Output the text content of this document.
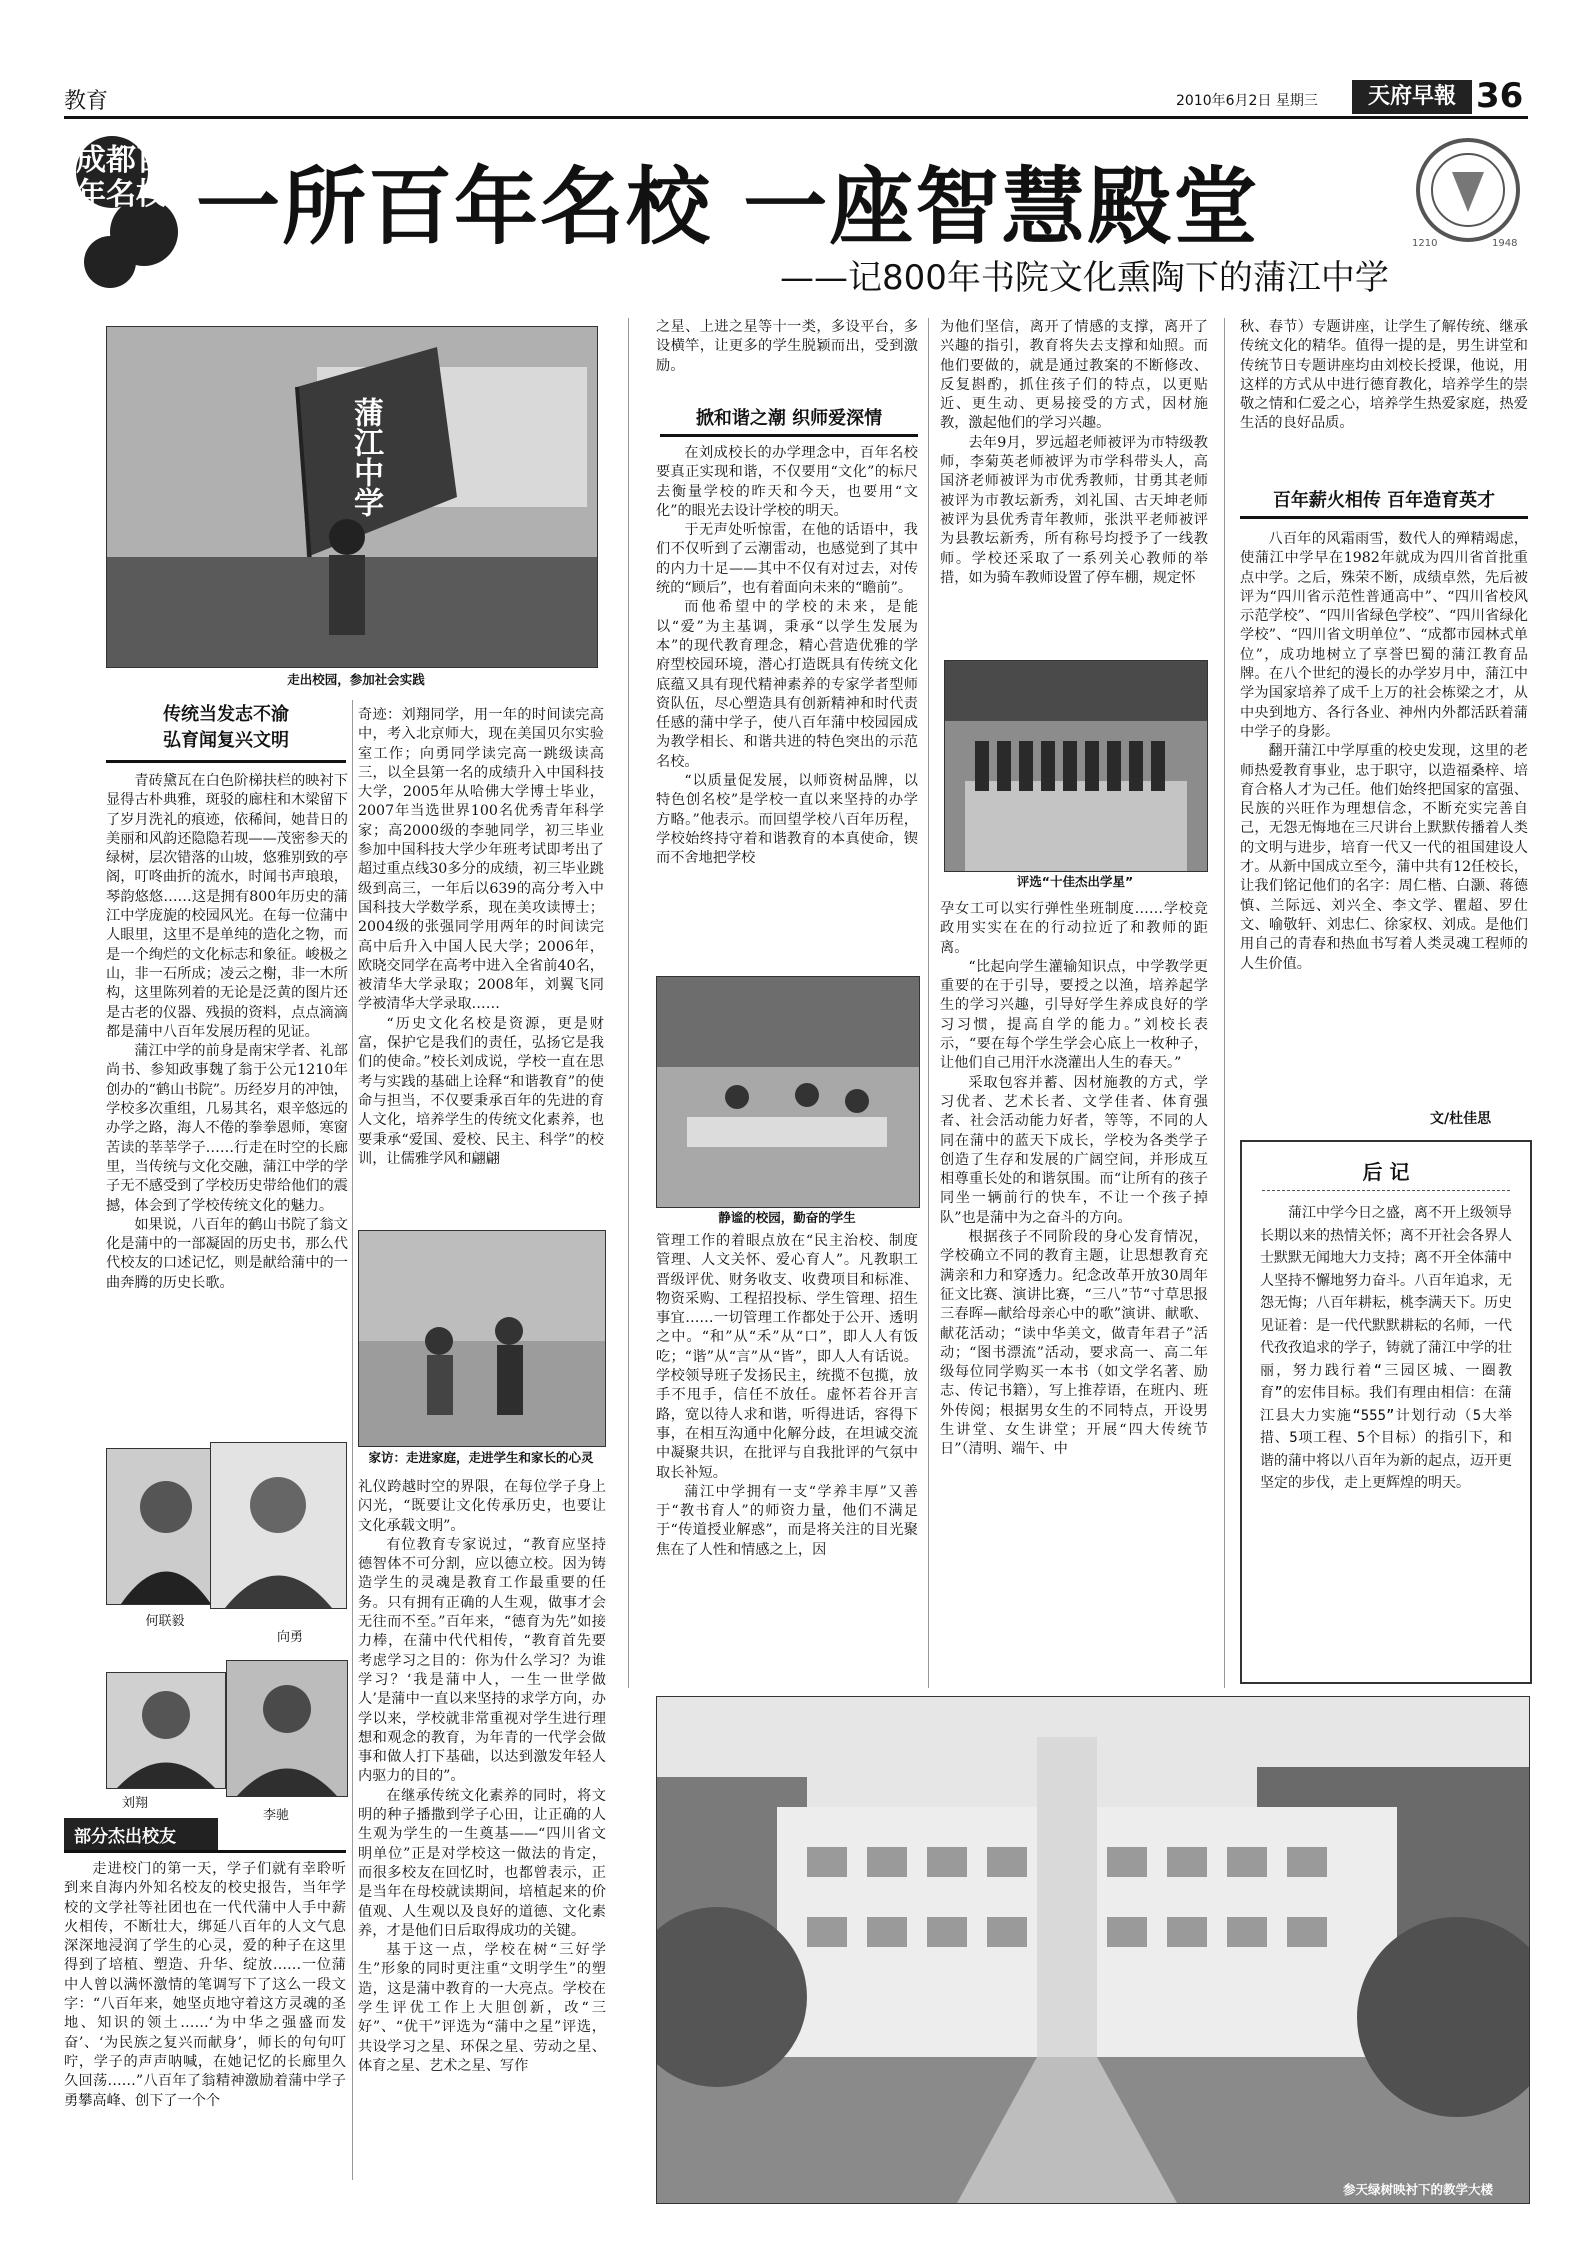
教育	2010年6月2日 星期三	天府早報 36
成都百年名校 一所百年名校 一座智慧殿堂
——记800年书院文化熏陶下的蒲江中学
1210	1948
蒲江中学
走出校园，参加社会实践
传统当发志不渝
弘育闻复兴文明

青砖黛瓦在白色阶梯扶栏的映衬下显得古朴典雅，斑驳的廊柱和木梁留下了岁月洗礼的痕迹，依稀间，她昔日的美丽和风韵还隐隐若现——茂密参天的绿树，层次错落的山坡，悠雅别致的亭阁，叮咚曲折的流水，时闻书声琅琅，琴韵悠悠……这是拥有800年历史的蒲江中学庞旎的校园风光。在每一位蒲中人眼里，这里不是单纯的造化之物，而是一个绚烂的文化标志和象征。峻极之山，非一石所成；凌云之榭，非一木所构，这里陈列着的无论是泛黄的图片还是古老的仪器、残损的资料，点点滴滴都是蒲中八百年发展历程的见证。

蒲江中学的前身是南宋学者、礼部尚书、参知政事魏了翁于公元1210年创办的“鹤山书院”。历经岁月的冲蚀，学校多次重组，几易其名，艰辛悠远的办学之路，海人不倦的拳拳恩师，寒窗苦读的莘莘学子……行走在时空的长廊里，当传统与文化交融，蒲江中学的学子无不感受到了学校历史带给他们的震撼，体会到了学校传统文化的魅力。

如果说，八百年的鹤山书院了翁文化是蒲中的一部凝固的历史书，那么代代校友的口述记忆，则是献给蒲中的一曲奔腾的历史长歌。

奇迹：刘翔同学，用一年的时间读完高中，考入北京师大，现在美国贝尔实验室工作；向勇同学读完高一跳级读高三，以全县第一名的成绩升入中国科技大学，2005年从哈佛大学博士毕业，2007年当选世界100名优秀青年科学家；高2000级的李驰同学，初三毕业参加中国科技大学少年班考试即考出了超过重点线30多分的成绩，初三毕业跳级到高三，一年后以639的高分考入中国科技大学数学系，现在美攻读博士；2004级的张强同学用两年的时间读完高中后升入中国人民大学；2006年，欧晓交同学在高考中进入全省前40名，被清华大学录取；2008年，刘翼飞同学被清华大学录取……

“历史文化名校是资源，更是财富，保护它是我们的责任，弘扬它是我们的使命。”校长刘成说，学校一直在思考与实践的基础上诠释“和谐教育”的使命与担当，不仅要秉承百年的先进的育人文化，培养学生的传统文化素养，也要秉承“爱国、爱校、民主、科学”的校训，让儒雅学风和翩翩

家访：走进家庭，走进学生和家长的心灵
何联毅
向勇
刘翔
李驰
部分杰出校友

走进校门的第一天，学子们就有幸聆听到来自海内外知名校友的校史报告，当年学校的文学社等社团也在一代代蒲中人手中薪火相传，不断壮大，绑延八百年的人文气息深深地浸润了学生的心灵，爱的种子在这里得到了培植、塑造、升华、绽放……一位蒲中人曾以满怀激情的笔调写下了这么一段文字：“八百年来，她坚贞地守着这方灵魂的圣地、知识的领土……‘为中华之强盛而发奋’、‘为民族之复兴而献身’，师长的句句叮咛，学子的声声呐喊，在她记忆的长廊里久久回荡……”八百年了翁精神激励着蒲中学子勇攀高峰、创下了一个个

礼仪跨越时空的界限，在每位学子身上闪光，“既要让文化传承历史，也要让文化承载文明”。

有位教育专家说过，“教育应坚持德智体不可分割，应以德立校。因为铸造学生的灵魂是教育工作最重要的任务。只有拥有正确的人生观，做事才会无往而不至。”百年来，“德育为先”如接力棒，在蒲中代代相传，“教育首先要考虑学习之目的：你为什么学习？为谁学习？‘我是蒲中人，一生一世学做人’是蒲中一直以来坚持的求学方向，办学以来，学校就非常重视对学生进行理想和观念的教育，为年青的一代学会做事和做人打下基础，以达到激发年轻人内驱力的目的”。

在继承传统文化素养的同时，将文明的种子播撒到学子心田，让正确的人生观为学生的一生奠基——“四川省文明单位”正是对学校这一做法的肯定，而很多校友在回忆时，也都曾表示，正是当年在母校就读期间，培植起来的价值观、人生观以及良好的道德、文化素养，才是他们日后取得成功的关键。

基于这一点，学校在树“三好学生”形象的同时更注重“文明学生”的塑造，这是蒲中教育的一大亮点。学校在学生评优工作上大胆创新，改“三好”、“优干”评选为“蒲中之星”评选，共设学习之星、环保之星、劳动之星、体育之星、艺术之星、写作

之星、上进之星等十一类，多设平台，多设横竿，让更多的学生脱颖而出，受到激励。

掀和谐之潮 织师爱深情

在刘成校长的办学理念中，百年名校要真正实现和谐，不仅要用“文化”的标尺去衡量学校的昨天和今天，也要用“文化”的眼光去设计学校的明天。

于无声处听惊雷，在他的话语中，我们不仅听到了云潮雷动，也感觉到了其中的内力十足——其中不仅有对过去，对传统的“顾后”，也有着面向未来的“瞻前”。

而他希望中的学校的未来，是能以“爱”为主基调，秉承“以学生发展为本”的现代教育理念，精心营造优雅的学府型校园环境，潜心打造既具有传统文化底蕴又具有现代精神素养的专家学者型师资队伍，尽心塑造具有创新精神和时代责任感的蒲中学子，使八百年蒲中校园园成为教学相长、和谐共进的特色突出的示范名校。

“以质量促发展，以师资树品牌，以特色创名校”是学校一直以来坚持的办学方略。”他表示。而回望学校八百年历程，学校始终持守着和谐教育的本真使命，锲而不舍地把学校

静谧的校园，勤奋的学生

管理工作的着眼点放在“民主治校、制度管理、人文关怀、爱心育人”。凡教职工晋级评优、财务收支、收费项目和标准、物资采购、工程招投标、学生管理、招生事宜……一切管理工作都处于公开、透明之中。“和”从“禾”从“口”，即人人有饭吃；“谐”从“言”从“皆”，即人人有话说。学校领导班子发扬民主，统揽不包揽，放手不甩手，信任不放任。虚怀若谷开言路，宽以待人求和谐，听得进话，容得下事，在相互沟通中化解分歧，在坦诚交流中凝聚共识，在批评与自我批评的气氛中取长补短。

蒲江中学拥有一支“学养丰厚”又善于“教书育人”的师资力量，他们不满足于“传道授业解惑”，而是将关注的目光聚焦在了人性和情感之上，因

为他们坚信，离开了情感的支撑，离开了兴趣的指引，教育将失去支撑和灿照。而他们要做的，就是通过教案的不断修改、反复斟酌，抓住孩子们的特点，以更贴近、更生动、更易接受的方式，因材施教，激起他们的学习兴趣。

去年9月，罗远超老师被评为市特级教师，李菊英老师被评为市学科带头人，高国济老师被评为市优秀教师，甘勇其老师被评为市教坛新秀，刘礼国、古天坤老师被评为县优秀青年教师，张洪平老师被评为县教坛新秀，所有称号均授予了一线教师。学校还采取了一系列关心教师的举措，如为骑车教师设置了停车棚，规定怀

评选“十佳杰出学星”

孕女工可以实行弹性坐班制度……学校竞政用实实在在的行动拉近了和教师的距离。

“比起向学生灌输知识点，中学教学更重要的在于引导，要授之以渔，培养起学生的学习兴趣，引导好学生养成良好的学习习惯，提高自学的能力。”刘校长表示，“要在每个学生学会心底上一枚种子，让他们自己用汗水浇灌出人生的春天。”

采取包容并蓄、因材施教的方式，学习优者、艺术长者、文学佳者、体育强者、社会活动能力好者，等等，不同的人同在蒲中的蓝天下成长，学校为各类学子创造了生存和发展的广阔空间，并形成互相尊重长处的和谐氛围。而“让所有的孩子同坐一辆前行的快车，不让一个孩子掉队”也是蒲中为之奋斗的方向。

根据孩子不同阶段的身心发育情况，学校确立不同的教育主题，让思想教育充满亲和力和穿透力。纪念改革开放30周年征文比赛、演讲比赛，“三八”节“寸草思报三春晖—献给母亲心中的歌”演讲、献歌、献花活动；“读中华美文，做青年君子”活动；“图书漂流”活动，要求高一、高二年级每位同学购买一本书（如文学名著、励志、传记书籍），写上推荐语，在班内、班外传阅；根据男女生的不同特点，开设男生讲堂、女生讲堂；开展“四大传统节日”（清明、端午、中

秋、春节）专题讲座，让学生了解传统、继承传统文化的精华。值得一提的是，男生讲堂和传统节日专题讲座均由刘校长授课，他说，用这样的方式从中进行德育教化，培养学生的崇敬之情和仁爱之心，培养学生热爱家庭，热爱生活的良好品质。

百年薪火相传 百年造育英才

八百年的风霜雨雪，数代人的殚精竭虑，使蒲江中学早在1982年就成为四川省首批重点中学。之后，殊荣不断，成绩卓然，先后被评为“四川省示范性普通高中”、“四川省校风示范学校”、“四川省绿色学校”、“四川省绿化学校”、“四川省文明单位”、“成都市园林式单位”，成功地树立了享誉巴蜀的蒲江教育品牌。在八个世纪的漫长的办学岁月中，蒲江中学为国家培养了成千上万的社会栋梁之才，从中央到地方、各行各业、神州内外都活跃着蒲中学子的身影。

翻开蒲江中学厚重的校史发现，这里的老师热爱教育事业，忠于职守，以造福桑梓、培育合格人才为己任。他们始终把国家的富强、民族的兴旺作为理想信念，不断充实完善自己，无怨无悔地在三尺讲台上默默传播着人类的文明与进步，培育一代又一代的祖国建设人才。从新中国成立至今，蒲中共有12任校长，让我们铭记他们的名字：周仁楷、白灏、蒋德慎、兰际远、刘兴全、李文学、瞿超、罗仕文、喻敬轩、刘忠仁、徐家权、刘成。是他们用自己的青春和热血书写着人类灵魂工程师的人生价值。

文/杜佳思
后 记
蒲江中学今日之盛，离不开上级领导长期以来的热情关怀；离不开社会各界人士默默无闻地大力支持；离不开全体蒲中人坚持不懈地努力奋斗。八百年追求，无怨无悔；八百年耕耘，桃李满天下。历史见证着：是一代代默默耕耘的名师，一代代孜孜追求的学子，铸就了蒲江中学的壮丽，努力践行着“三园区城、一圈教育”的宏伟目标。我们有理由相信：在蒲江县大力实施“555”计划行动（5大举措、5项工程、5个目标）的指引下，和谐的蒲中将以八百年为新的起点，迈开更坚定的步伐，走上更辉煌的明天。
参天绿树映衬下的教学大楼
